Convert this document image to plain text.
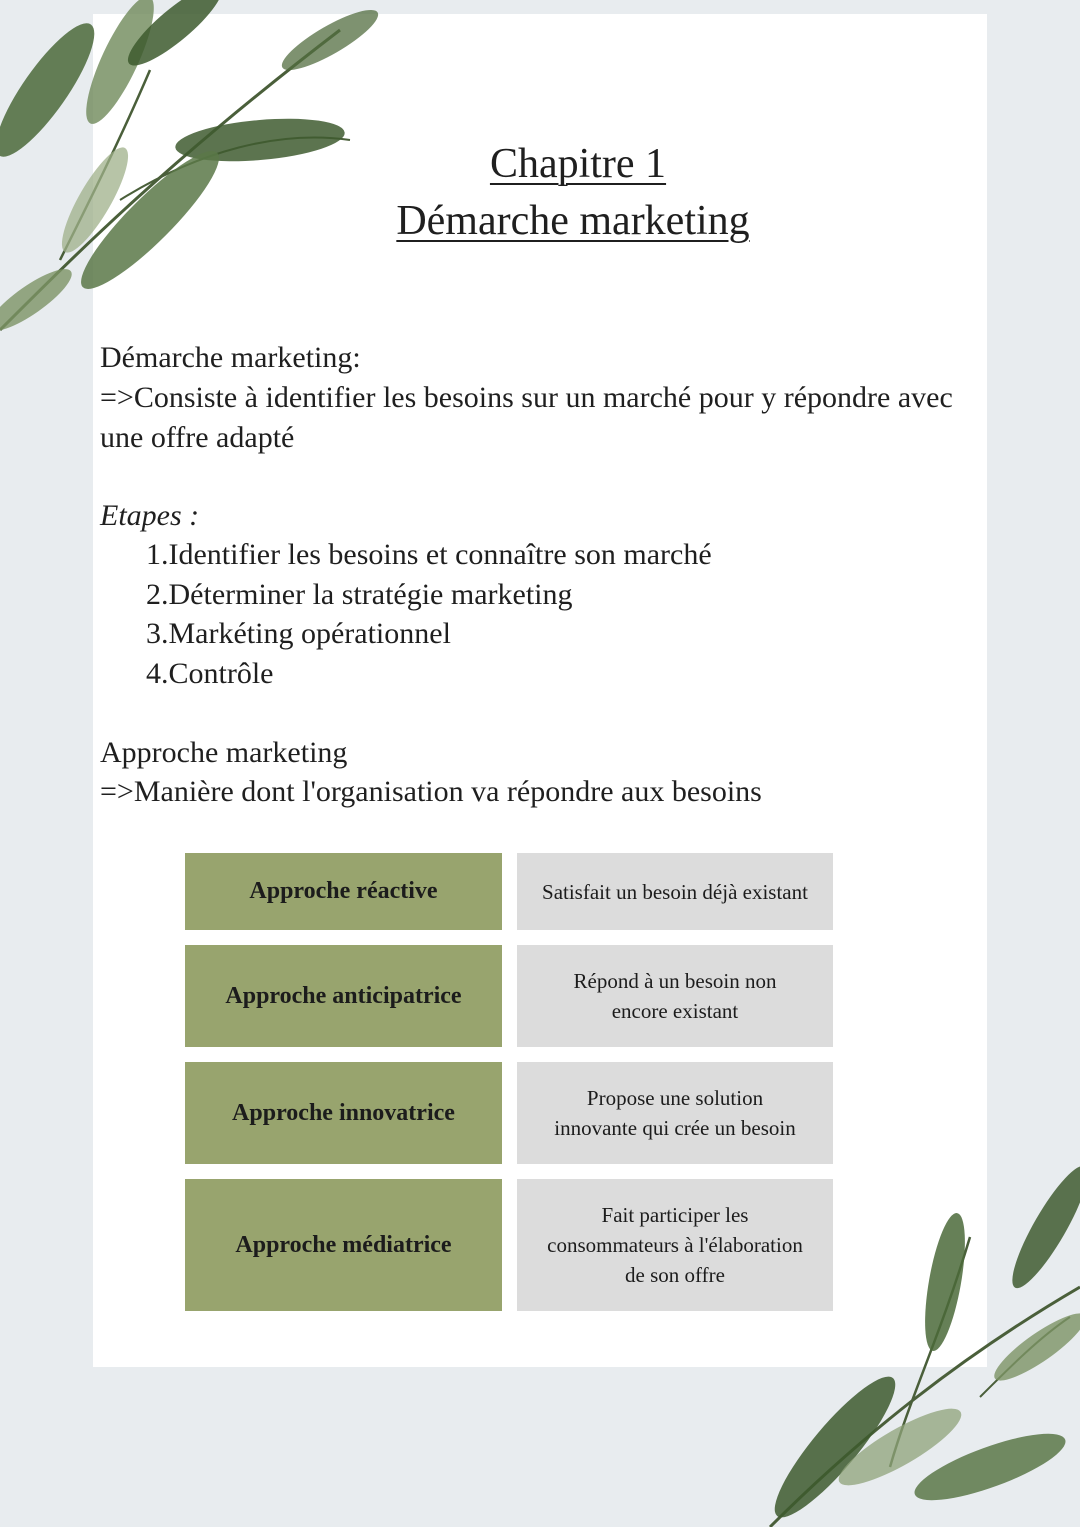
Chapitre 1
Démarche marketing
Démarche marketing:
=>Consiste à identifier les besoins sur un marché pour y répondre avec
une offre adapté
Etapes :
1.Identifier les besoins et connaître son marché
2.Déterminer la stratégie marketing
3.Markéting opérationnel
4.Contrôle
Approche marketing
=>Manière dont l'organisation va répondre aux besoins
Approche réactive	Satisfait un besoin déjà existant
Approche anticipatrice
Répond à un besoin non
encore existant
Approche innovatrice
Propose une solution
innovante qui crée un besoin
Approche médiatrice
Fait participer les
consommateurs à l'élaboration
de son offre
